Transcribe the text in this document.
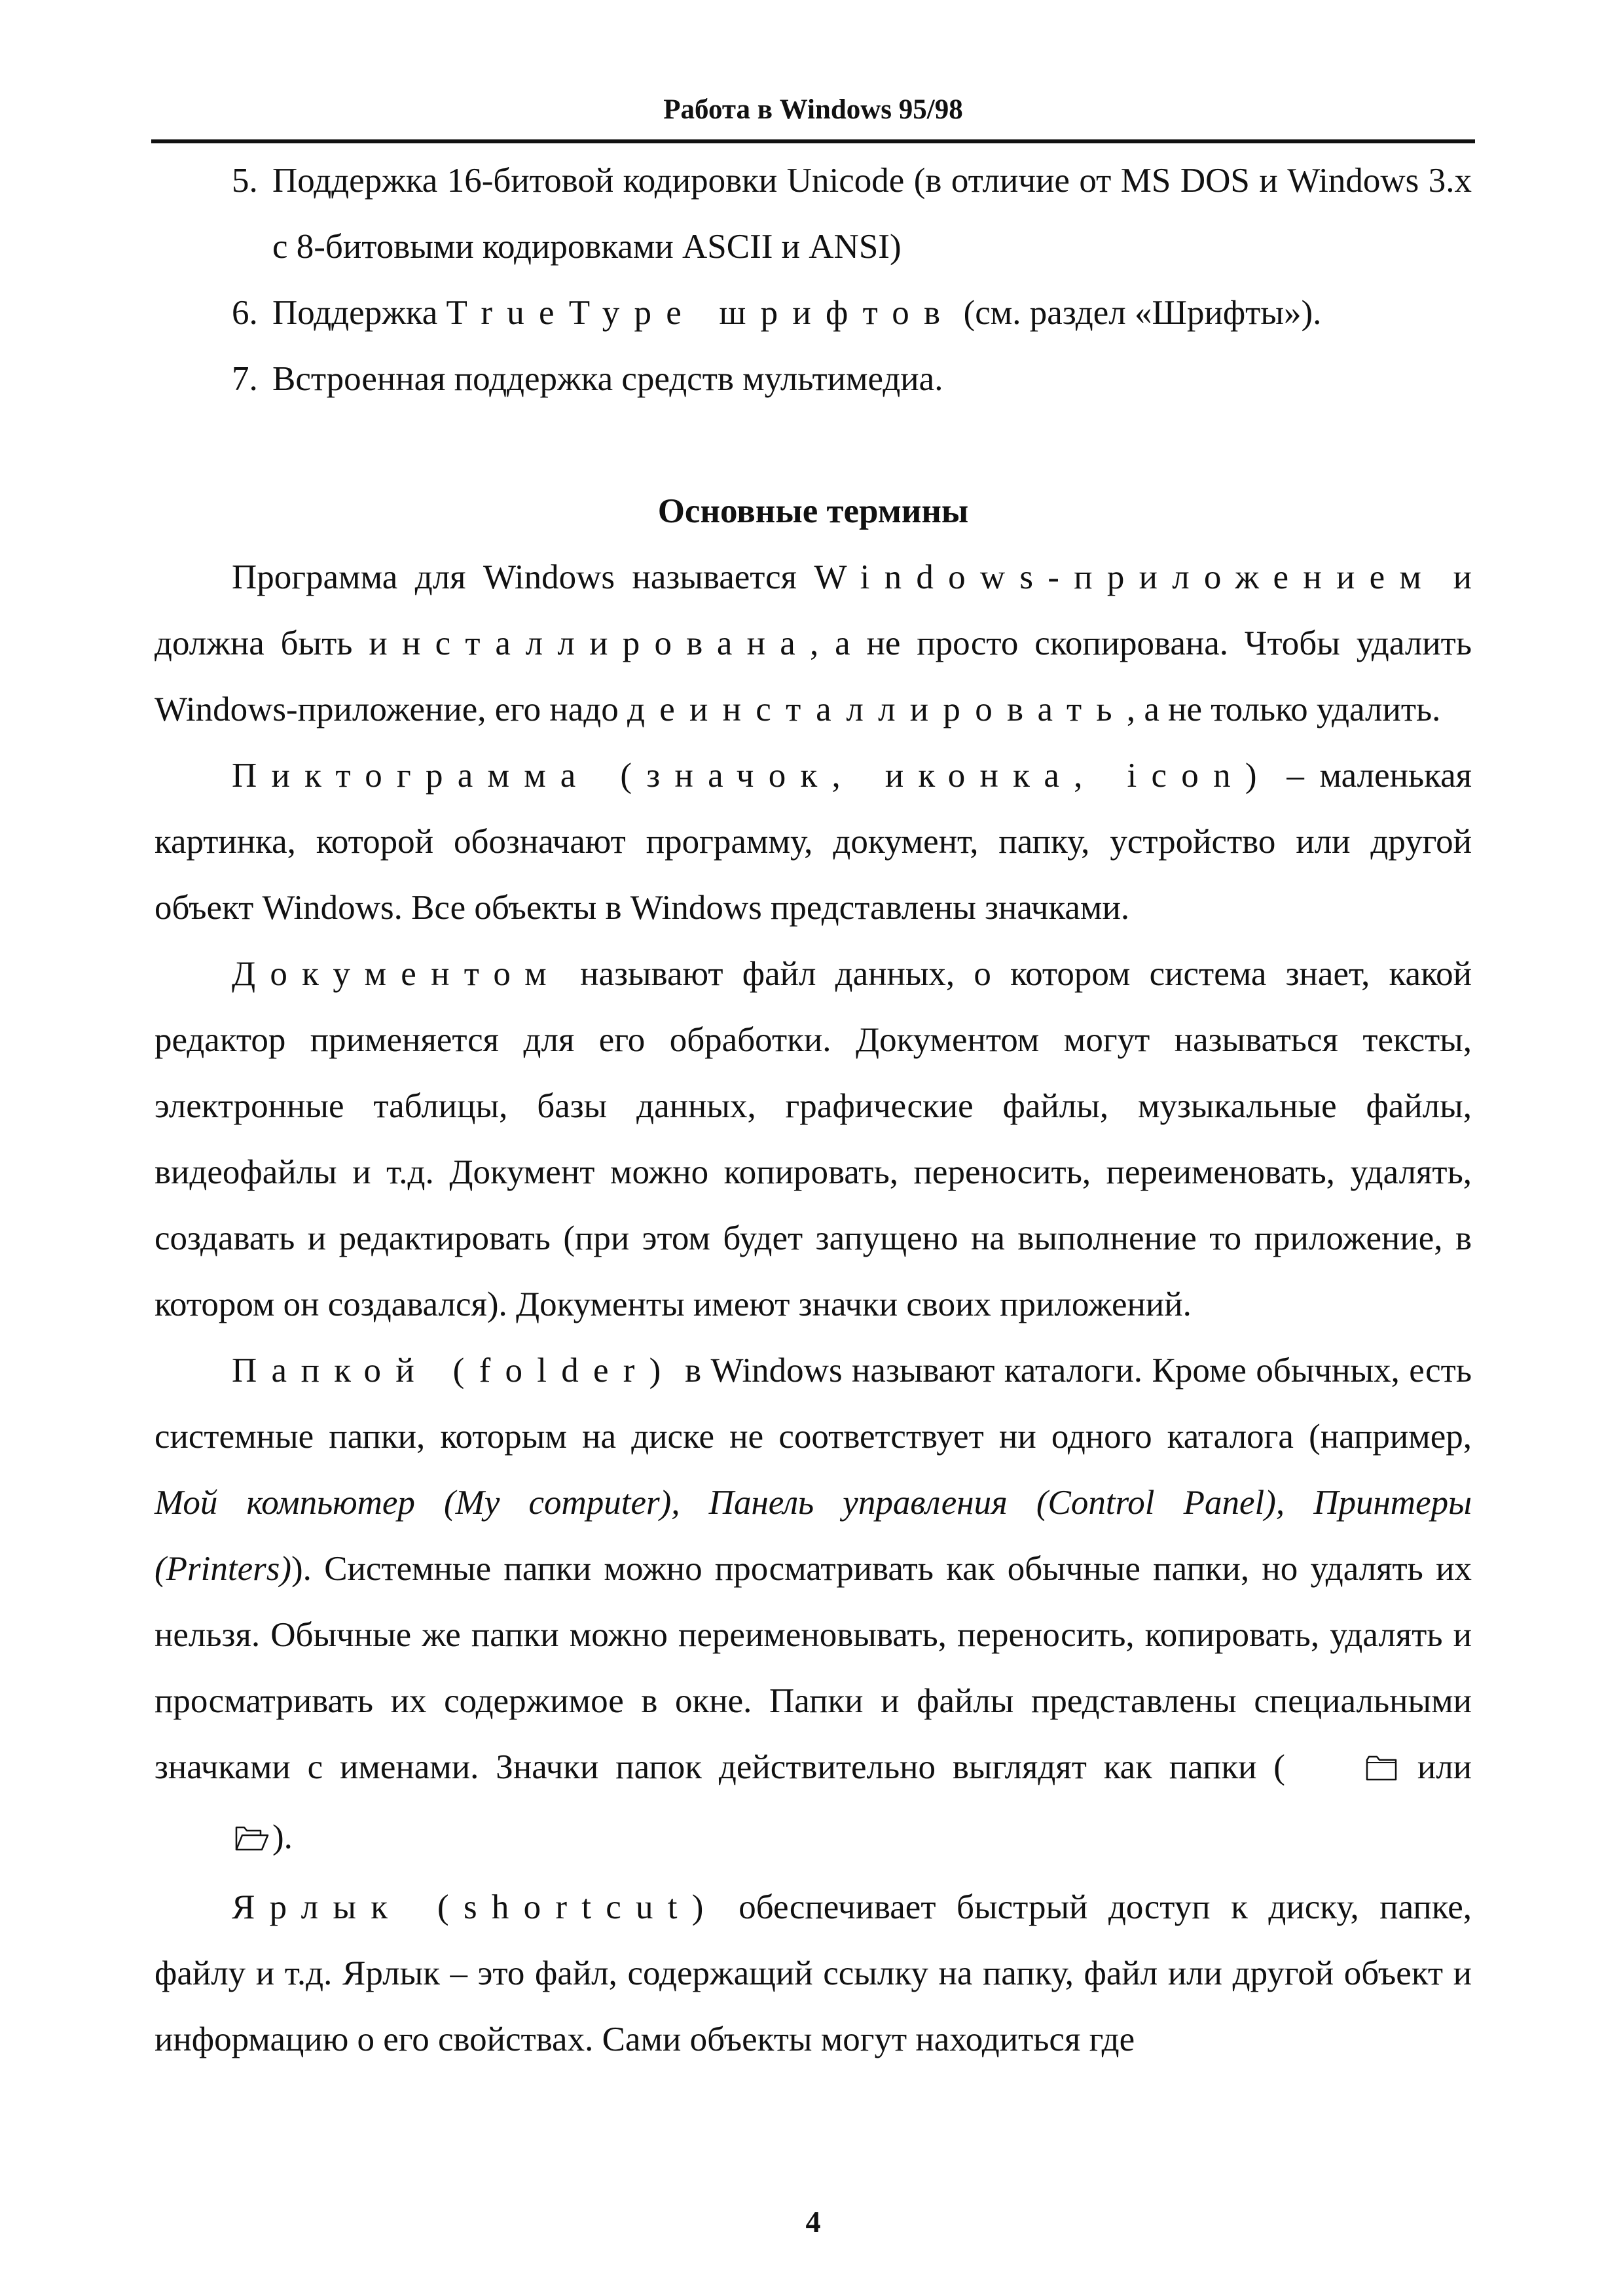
Работа в Windows 95/98
5. Поддержка 16-битовой кодировки Unicode (в отличие от MS DOS и Windows 3.x с 8-битовыми кодировками ASCII и ANSI)
6. Поддержка TrueType шрифтов (см. раздел «Шрифты»).
7. Встроенная поддержка средств мультимедиа.
Основные термины

Программа для Windows называется Windows-приложением и должна быть инсталлирована, а не просто скопирована. Чтобы удалить Windows-приложение, его надо деинсталлировать, а не только удалить.

Пиктограмма (значок, иконка, icon) – маленькая картинка, которой обозначают программу, документ, папку, устройство или другой объект Windows. Все объекты в Windows представлены значками.

Документом называют файл данных, о котором система знает, какой редактор применяется для его обработки. Документом могут называться тексты, электронные таблицы, базы данных, графические файлы, музыкальные файлы, видеофайлы и т.д. Документ можно копировать, переносить, переименовать, удалять, создавать и редактировать (при этом будет запущено на выполнение то приложение, в котором он создавался). Документы имеют значки своих приложений.

Папкой (folder) в Windows называют каталоги. Кроме обычных, есть системные папки, которым на диске не соответствует ни одного каталога (например, Мой компьютер (My computer), Панель управления (Control Panel), Принтеры (Printers)). Системные папки можно просматривать как обычные папки, но удалять их нельзя. Обычные же папки можно переименовывать, переносить, копировать, удалять и просматривать их содержимое в окне. Папки и файлы представлены специальными значками с именами. Значки папок действительно выглядят как папки (	или ).

Ярлык (shortcut) обеспечивает быстрый доступ к диску, папке, файлу и т.д. Ярлык – это файл, содержащий ссылку на папку, файл или другой объект и информацию о его свойствах. Сами объекты могут находиться где

4
